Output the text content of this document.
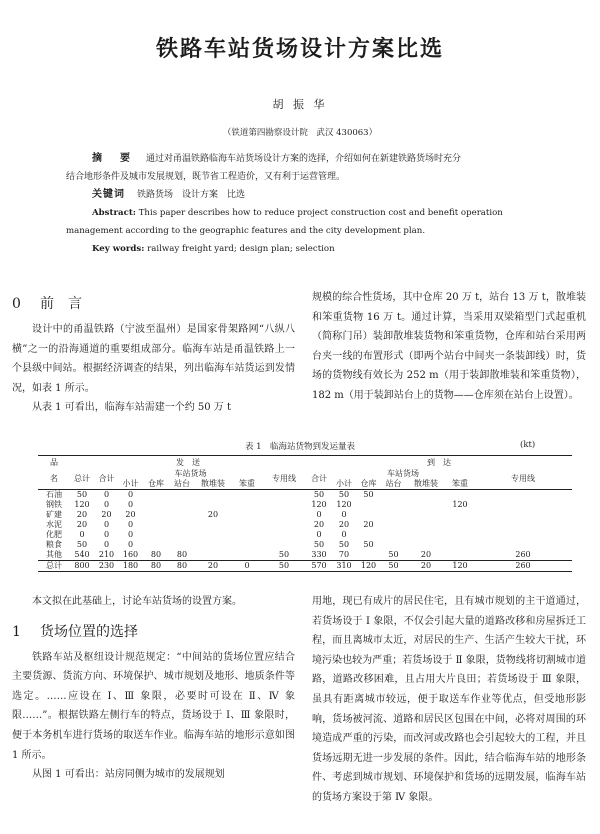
铁路车站货场设计方案比选
胡 振 华
（铁道第四勘察设计院　武汉 430063）
摘　要 通过对甬温铁路临海车站货场设计方案的选择，介绍如何在新建铁路货场时充分
结合地形条件及城市发展规划，既节省工程造价，又有利于运营管理。
关键词 铁路货场　设计方案　比选
Abstract: This paper describes how to reduce project construction cost and benefit operation
management according to the geographic features and the city development plan.
Key words: railway freight yard; design plan; selection
0 前　言

设计中的甬温铁路（宁波至温州）是国家骨架路网“八纵八横”之一的沿海通道的重要组成部分。临海车站是甬温铁路上一个县级中间站。根据经济调查的结果，列出临海车站货运到发情况，如表 1 所示。

从表 1 可看出，临海车站需建一个约 50 万 t

规模的综合性货场，其中仓库 20 万 t，站台 13 万 t，散堆装和笨重货物 16 万 t。通过计算，当采用双梁箱型门式起重机（简称门吊）装卸散堆装货物和笨重货物，仓库和站台采用两台夹一线的布置形式（即两个站台中间夹一条装卸线）时，货场的货物线有效长为 252 m（用于装卸散堆装和笨重货物），182 m（用于装卸站台上的货物——仓库须在站台上设置）。

表 1　临海站货物到发运量表	(kt)
品	发　送								到　达						
名	总计	合计	车站货场					专用线	合计	车站货场					专用线
			小计	仓库	站台	散堆装	笨重			小计	仓库	站台	散堆装	笨重	
石油	50	0	0						50	50	50				
钢铁	120	0	0						120	120				120	
矿建	20	20	20			20			0	0					
水泥	20	0	0						20	20	20				
化肥	0	0	0						0	0					
粮食	50	0	0						50	50	50				
其他	540	210	160	80	80			50	330	70		50	20		260
总计	800	230	180	80	80	20	0	50	570	310	120	50	20	120	260

本文拟在此基础上，讨论车站货场的设置方案。

1 货场位置的选择

铁路车站及枢纽设计规范规定：“中间站的货场位置应结合主要货源、货流方向、环境保护、城市规划及地形、地质条件等选定。……应设在 Ⅰ、Ⅲ 象限，必要时可设在 Ⅱ、Ⅳ 象限……”。根据铁路左侧行车的特点，货场设于 Ⅰ、Ⅲ 象限时，便于本务机车进行货场的取送车作业。临海车站的地形示意如图 1 所示。

从图 1 可看出：站房同侧为城市的发展规划

用地，现已有成片的居民住宅，且有城市规划的主干道通过，若货场设于 Ⅰ 象限，不仅会引起大量的道路改移和房屋拆迁工程，而且离城市太近，对居民的生产、生活产生较大干扰，环境污染也较为严重；若货场设于 Ⅱ 象限，货物线将切割城市道路，道路改移困难，且占用大片良田；若货场设于 Ⅲ 象限，虽具有距离城市较远，便于取送车作业等优点，但受地形影响，货场被河流、道路和居民区包围在中间，必将对周围的环境造成严重的污染，而改河或改路也会引起较大的工程，并且货场远期无进一步发展的条件。因此，结合临海车站的地形条件、考虑到城市规划、环境保护和货场的远期发展，临海车站的货场方案设于第 Ⅳ 象限。
